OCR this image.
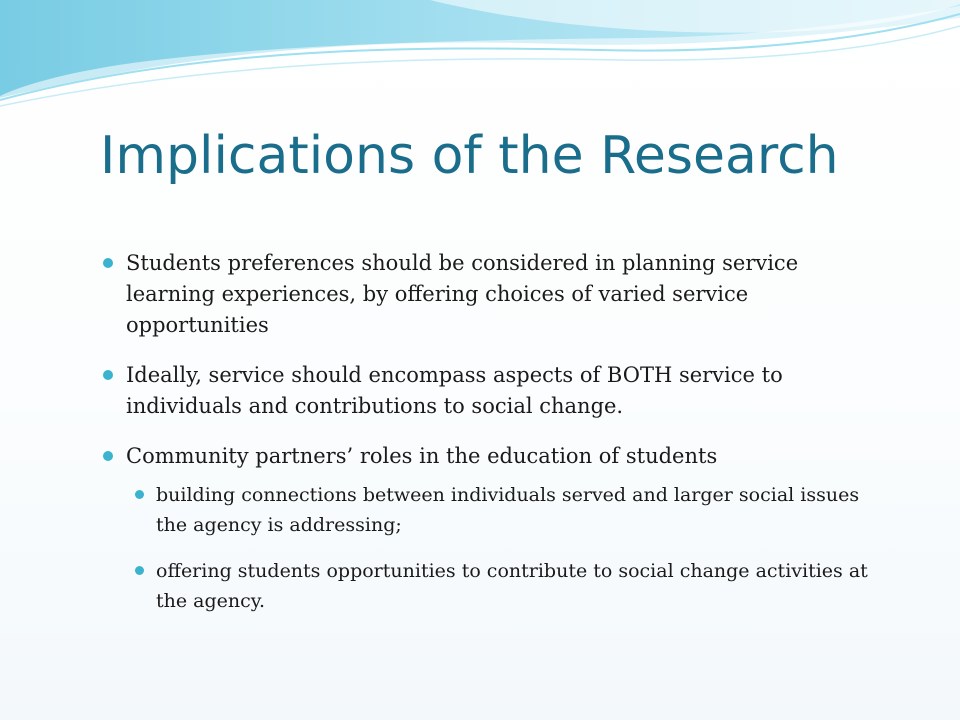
Implications of the Research
Students preferences should be considered in planning service learning experiences, by offering choices of varied service opportunities
Ideally, service should encompass aspects of BOTH service to individuals and contributions to social change.
Community partners’ roles in the education of students
building connections between individuals served and larger social issues the agency is addressing;
offering students opportunities to contribute to social change activities at the agency.
